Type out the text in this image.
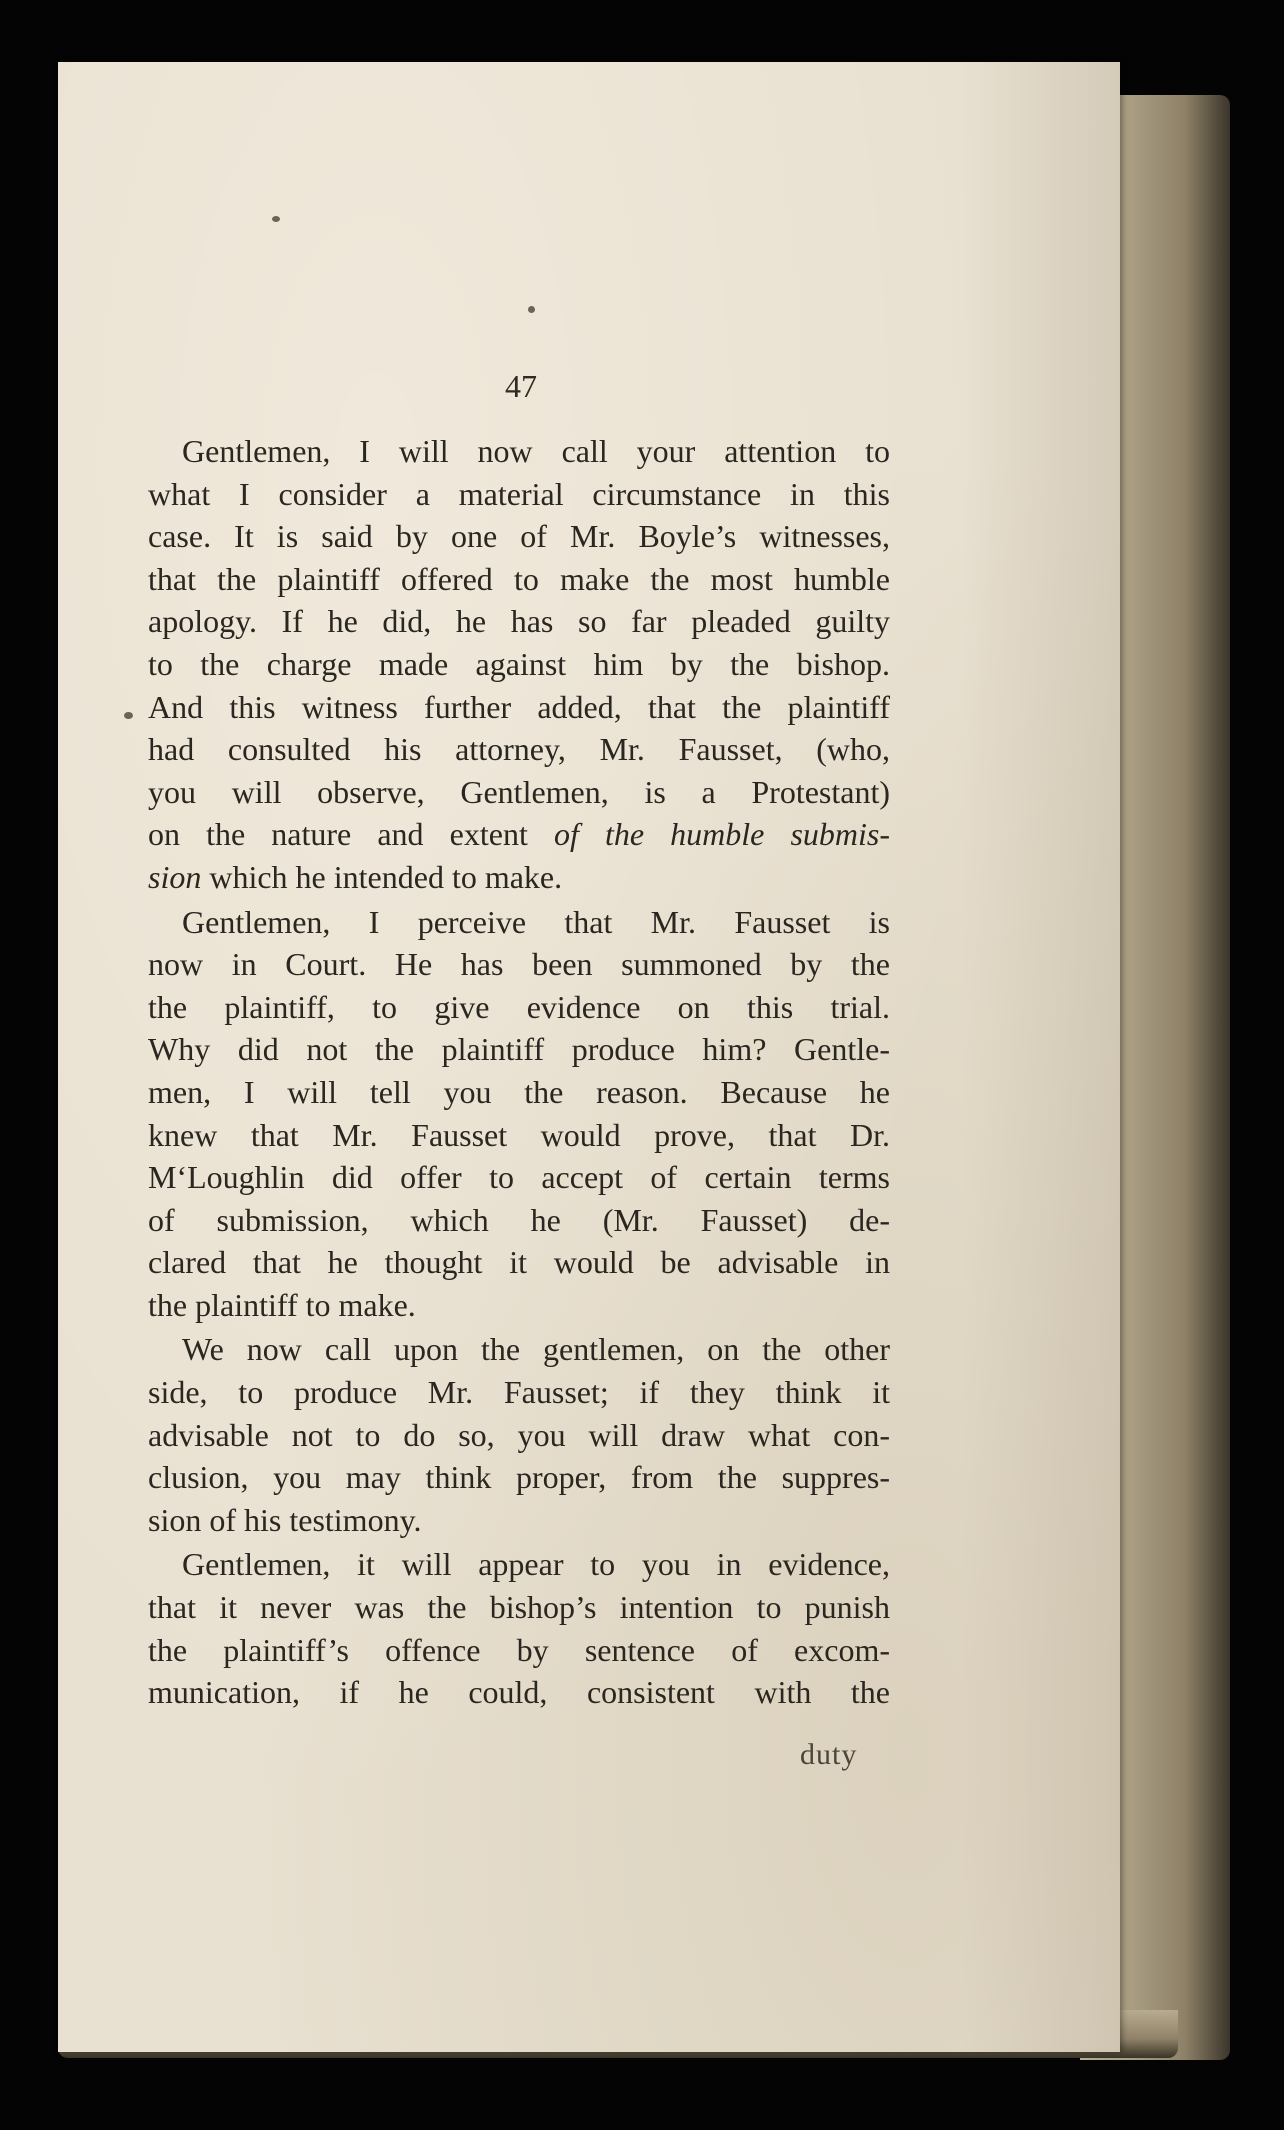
47

Gentlemen, I will now call your attention to
what I consider a material circumstance in this
case. It is said by one of Mr. Boyle’s witnesses,
that the plaintiff offered to make the most humble
apology. If he did, he has so far pleaded guilty
to the charge made against him by the bishop.
And this witness further added, that the plaintiff
had consulted his attorney, Mr. Fausset, (who,
you will observe, Gentlemen, is a Protestant)
on the nature and extent of the humble submis-
sion which he intended to make.

Gentlemen, I perceive that Mr. Fausset is
now in Court. He has been summoned by the
the plaintiff, to give evidence on this trial.
Why did not the plaintiff produce him? Gentle-
men, I will tell you the reason. Because he
knew that Mr. Fausset would prove, that Dr.
M‘Loughlin did offer to accept of certain terms
of submission, which he (Mr. Fausset) de-
clared that he thought it would be advisable in
the plaintiff to make.

We now call upon the gentlemen, on the other
side, to produce Mr. Fausset; if they think it
advisable not to do so, you will draw what con-
clusion, you may think proper, from the suppres-
sion of his testimony.

Gentlemen, it will appear to you in evidence,
that it never was the bishop’s intention to punish
the plaintiff’s offence by sentence of excom-
munication, if he could, consistent with the

duty
